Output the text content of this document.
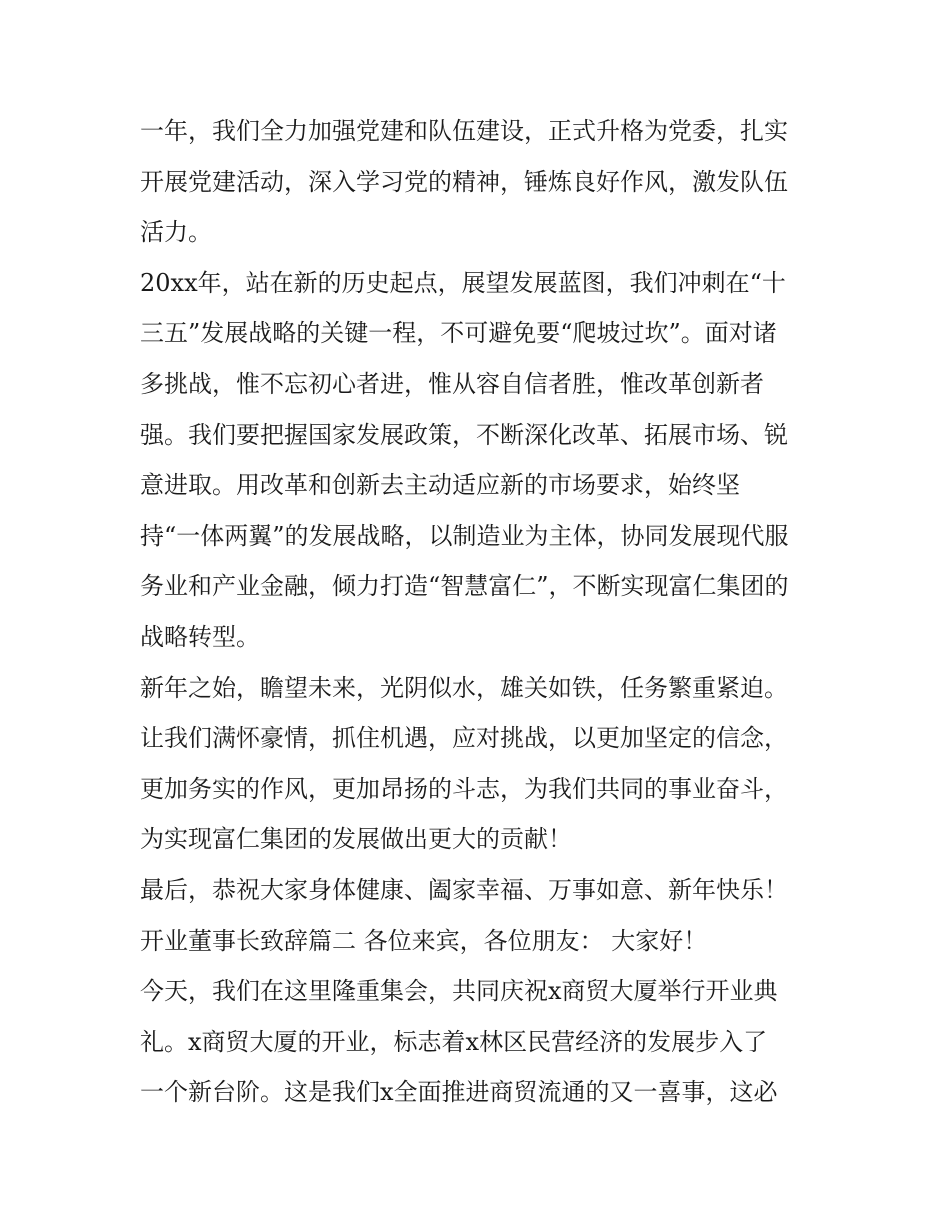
一年，我们全力加强党建和队伍建设，正式升格为党委，扎实
开展党建活动，深入学习党的精神，锤炼良好作风，激发队伍
活力。
20xx年，站在新的历史起点，展望发展蓝图，我们冲刺在“十
三五”发展战略的关键一程，不可避免要“爬坡过坎”。面对诸
多挑战，惟不忘初心者进，惟从容自信者胜，惟改革创新者
强。我们要把握国家发展政策，不断深化改革、拓展市场、锐
意进取。用改革和创新去主动适应新的市场要求，始终坚
持“一体两翼”的发展战略，以制造业为主体，协同发展现代服
务业和产业金融，倾力打造“智慧富仁”，不断实现富仁集团的
战略转型。
新年之始，瞻望未来，光阴似水，雄关如铁，任务繁重紧迫。
让我们满怀豪情，抓住机遇，应对挑战，以更加坚定的信念，
更加务实的作风，更加昂扬的斗志，为我们共同的事业奋斗，
为实现富仁集团的发展做出更大的贡献！
最后，恭祝大家身体健康、阖家幸福、万事如意、新年快乐！
开业董事长致辞篇二 各位来宾，各位朋友： 大家好！
今天，我们在这里隆重集会，共同庆祝x商贸大厦举行开业典
礼。x商贸大厦的开业，标志着x林区民营经济的发展步入了
一个新台阶。这是我们x全面推进商贸流通的又一喜事，这必
